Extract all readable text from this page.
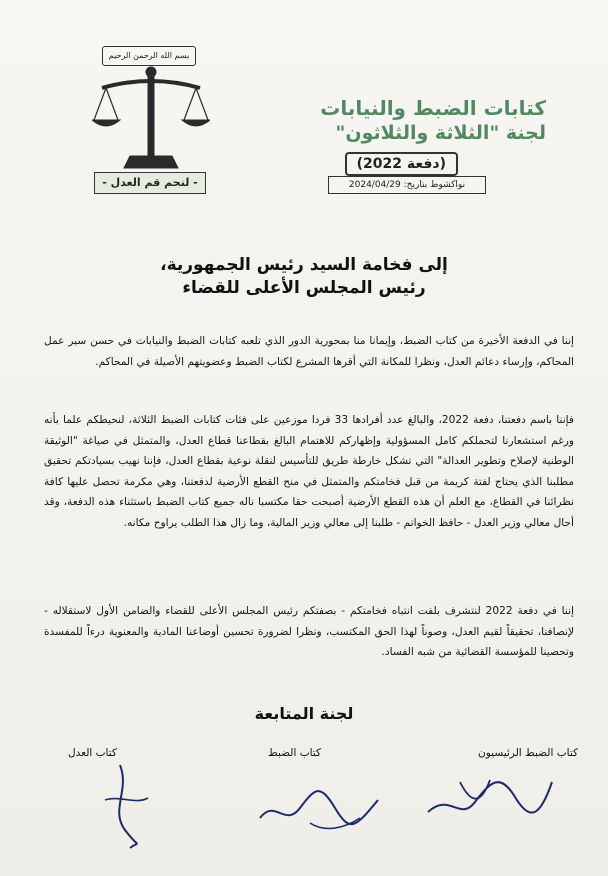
بسم الله الرحمن الرحيم
- لنحم قم العدل -
كتابات الضبط والنيابات
لجنة "الثلاثة والثلاثون"
(دفعة 2022)
نواكشوط بتاريخ: 2024/04/29
إلى فخامة السيد رئيس الجمهورية،
رئيس المجلس الأعلى للقضاء
إننا في الدفعة الأخيرة من كتاب الضبط، وإيمانا منا بمحورية الدور الذي تلعبه كتابات الضبط والنيابات في حسن سير عمل المحاكم، وإرساء دعائم العدل، ونظرا للمكانة التي أقرها المشرع لكتاب الضبط وعضويتهم الأصيلة في المحاكم.
فإننا باسم دفعتنا، دفعة 2022، والبالغ عدد أفرادها 33 فردا موزعين على فئات كتابات الضبط الثلاثة، لنحيطكم علما بأنه ورغم استشعارنا لتحملكم كامل المسؤولية وإظهاركم للاهتمام البالغ بقطاعنا قطاع العدل، والمتمثل في صياغة "الوثيقة الوطنية لإصلاح وتطوير العدالة" التي تشكل خارطة طريق للتأسيس لنقلة نوعية بقطاع العدل، فإننا نهيب بسيادتكم تحقيق مطلبنا الذي يحتاج لفتة كريمة من قبل فخامتكم والمتمثل في منح القطع الأرضية لدفعتنا، وهي مكرمة تحصل عليها كافة نظرائنا في القطاع، مع العلم أن هذه القطع الأرضية أصبحت حقا مكتسبا ناله جميع كتاب الضبط باستثناء هذه الدفعة، وقد أحال معالي وزير العدل - حافظ الخواتم - طلبنا إلى معالي وزير المالية، وما زال هذا الطلب يراوح مكانه.
إننا في دفعة 2022 لنتشرف بلفت انتباه فخامتكم - بصفتكم رئيس المجلس الأعلى للقضاء والضامن الأول لاستقلاله - لإنصافنا، تحقيقاً لقيم العدل، وصوناً لهذا الحق المكتسب، ونظرا لضرورة تحسين أوضاعنا المادية والمعنوية درءاً للمفسدة وتحصينا للمؤسسة القضائية من شبه الفساد.
لجنة المتابعة
كتاب الضبط الرئيسيون
كتاب الضبط
كتاب العدل
